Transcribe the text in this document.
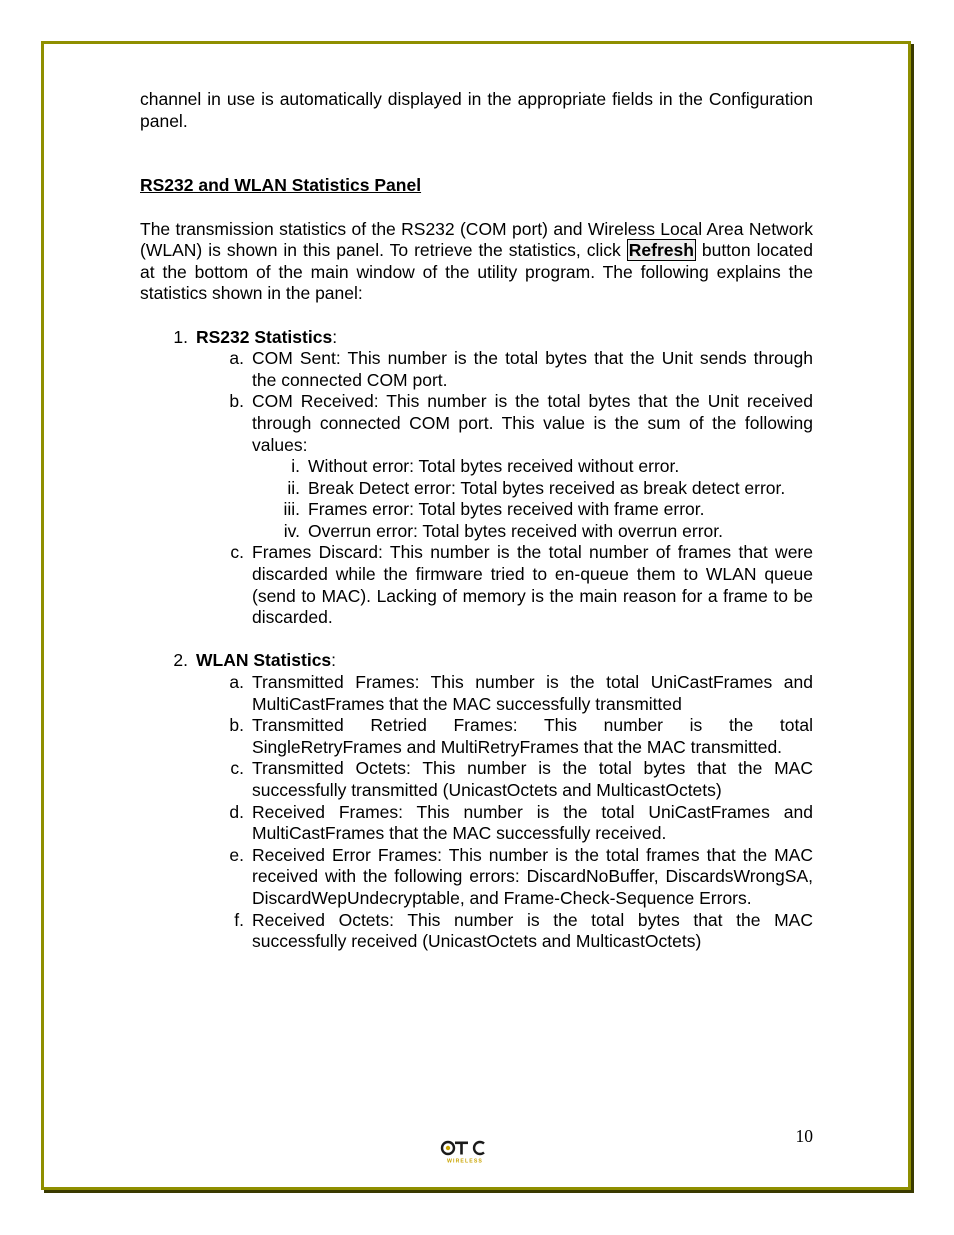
channel in use is automatically displayed in the appropriate fields in the Configuration panel.

RS232 and WLAN Statistics Panel

The transmission statistics of the RS232 (COM port) and Wireless Local Area Network (WLAN) is shown in this panel. To retrieve the statistics, click Refresh button located at the bottom of the main window of the utility program. The following explains the statistics shown in the panel:

1. RS232 Statistics:
a. COM Sent: This number is the total bytes that the Unit sends through the connected COM port.
b. COM Received: This number is the total bytes that the Unit received through connected COM port. This value is the sum of the following values:
i. Without error: Total bytes received without error.
ii. Break Detect error: Total bytes received as break detect error.
iii. Frames error: Total bytes received with frame error.
iv. Overrun error: Total bytes received with overrun error.
c. Frames Discard: This number is the total number of frames that were discarded while the firmware tried to en-queue them to WLAN queue (send to MAC). Lacking of memory is the main reason for a frame to be discarded.
2. WLAN Statistics:
a. Transmitted Frames: This number is the total UniCastFrames and MultiCastFrames that the MAC successfully transmitted
b. Transmitted Retried Frames: This number is the total SingleRetryFrames and MultiRetryFrames that the MAC transmitted.
c. Transmitted Octets: This number is the total bytes that the MAC successfully transmitted (UnicastOctets and MulticastOctets)
d. Received Frames: This number is the total UniCastFrames and MultiCastFrames that the MAC successfully received.
e. Received Error Frames: This number is the total frames that the MAC received with the following errors: DiscardNoBuffer, DiscardsWrongSA, DiscardWepUndecryptable, and Frame-Check-Sequence Errors.
f. Received Octets: This number is the total bytes that the MAC successfully received (UnicastOctets and MulticastOctets)
10
WIRELESS
